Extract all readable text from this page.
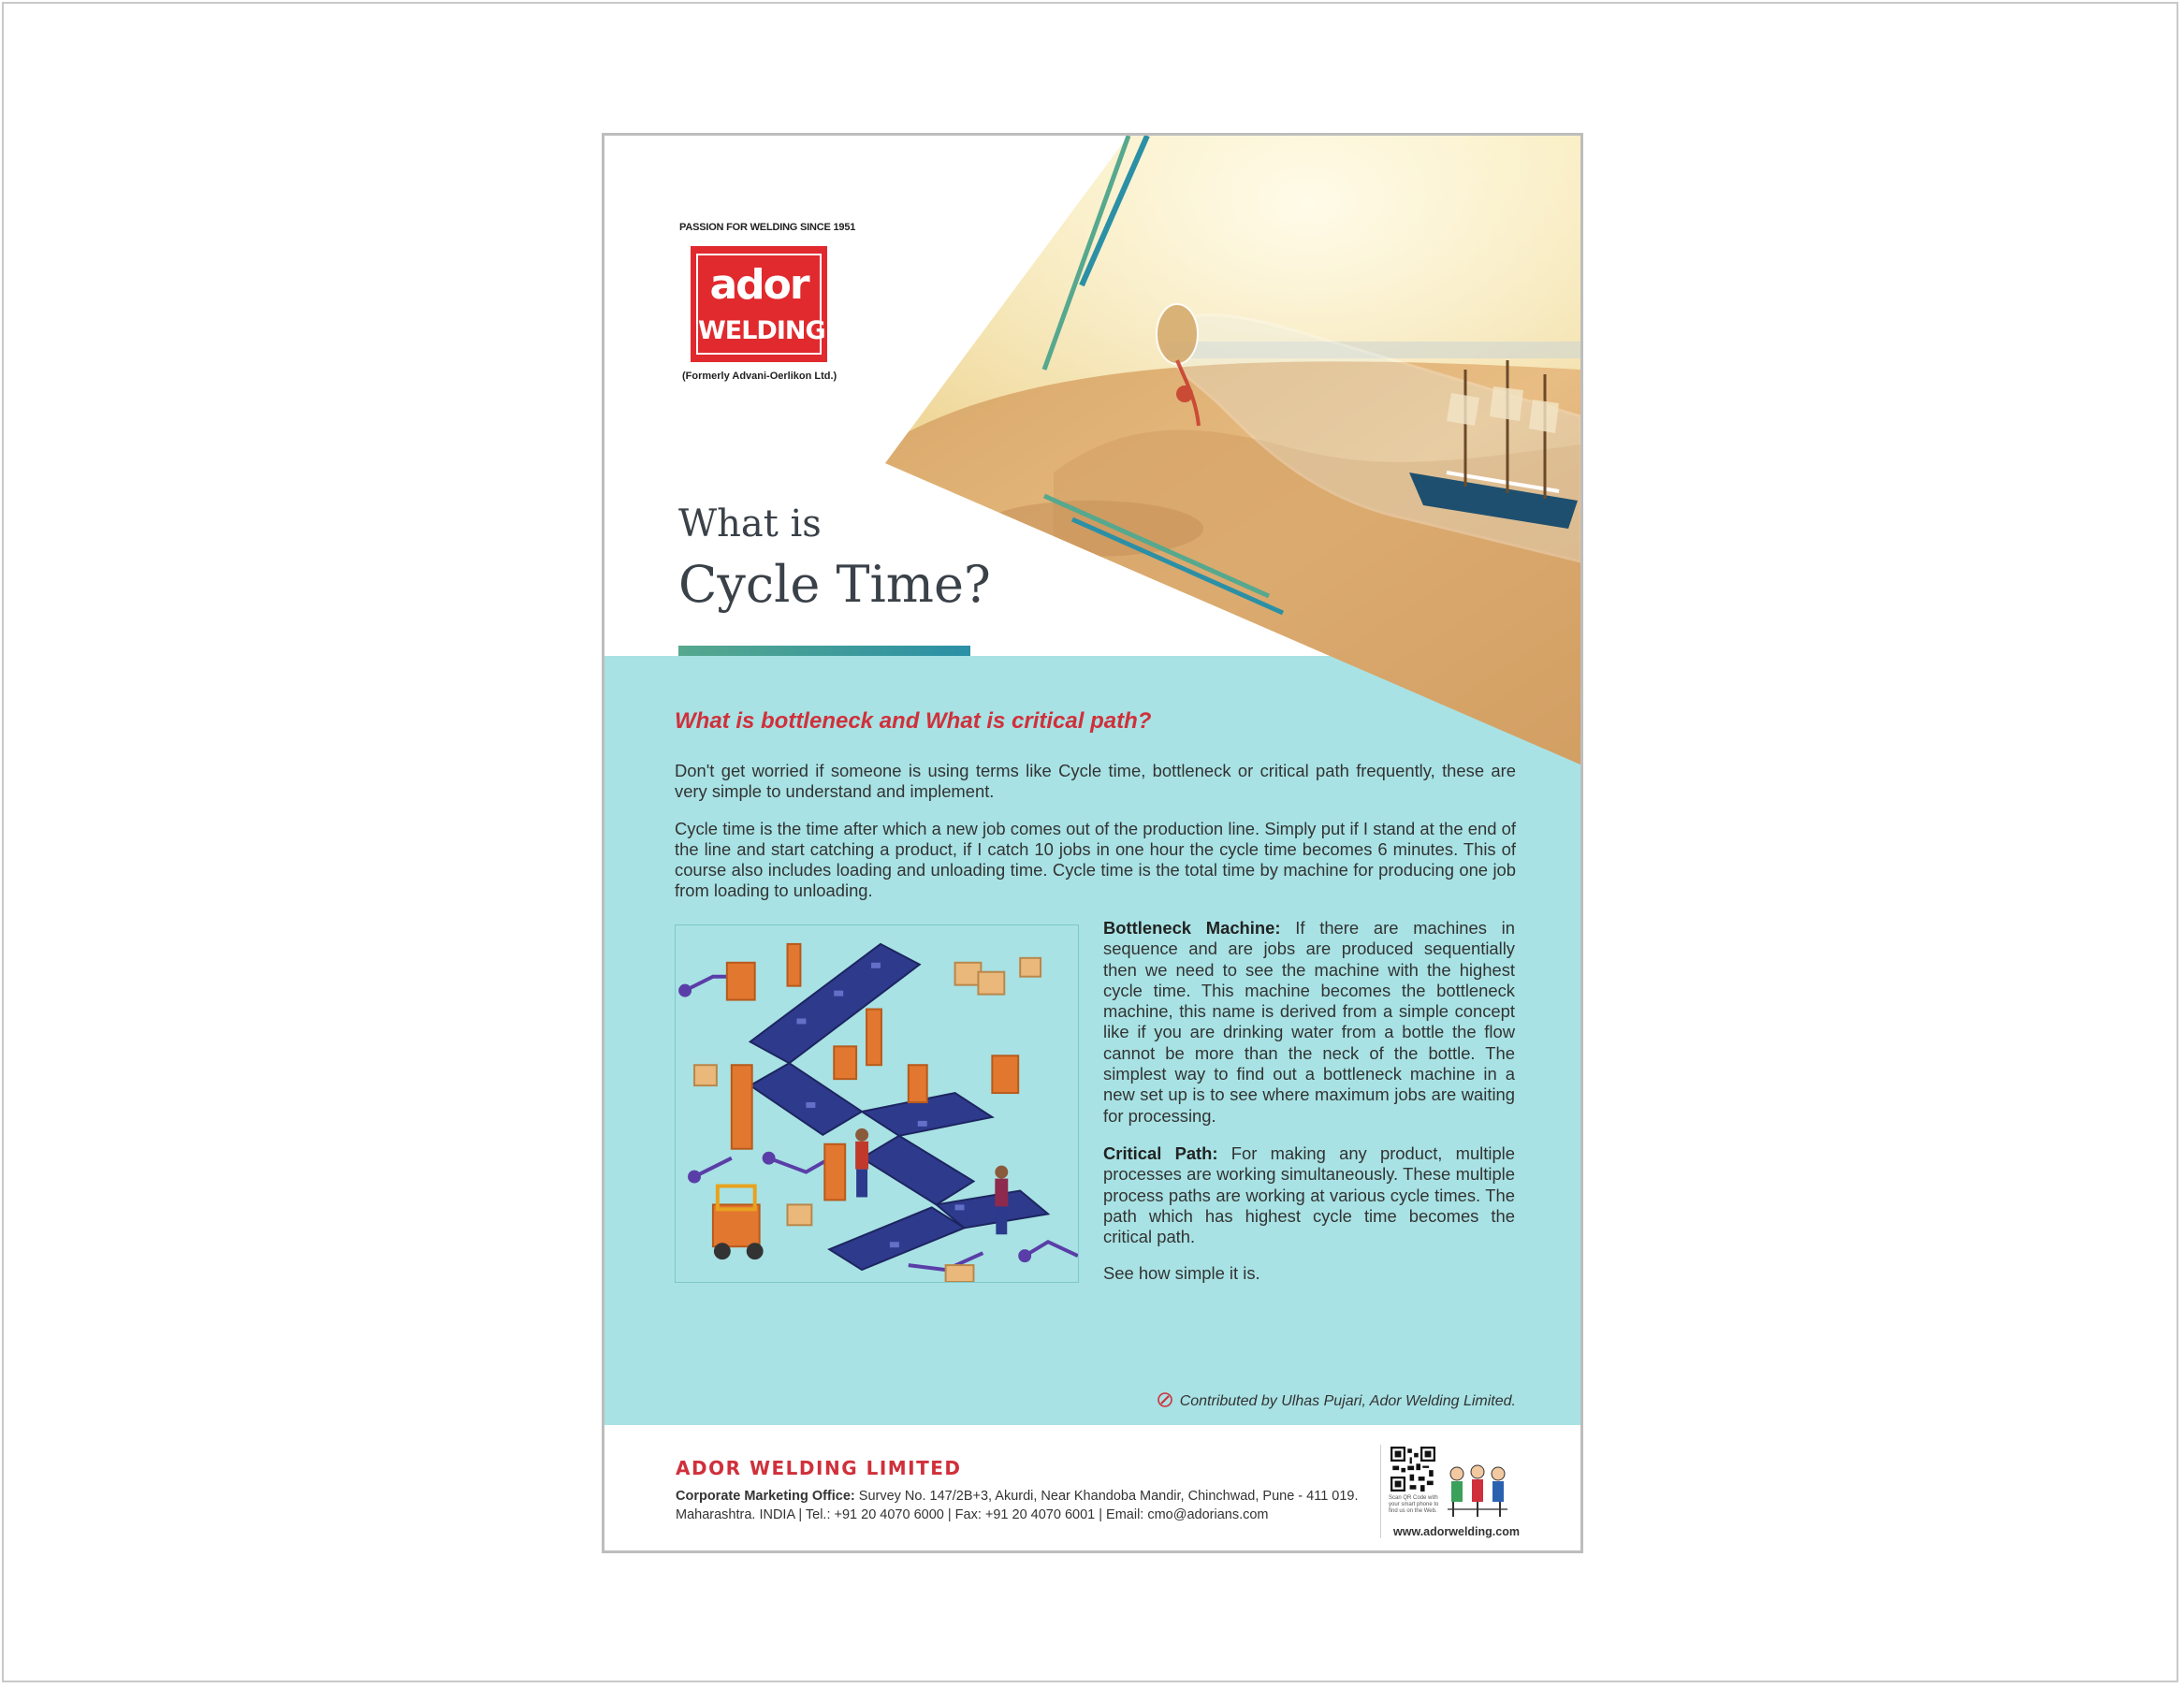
PASSION FOR WELDING SINCE 1951
ador
WELDING
(Formerly Advani-Oerlikon Ltd.)
What is
Cycle Time?
What is bottleneck and What is critical path?
Don't get worried if someone is using terms like Cycle time, bottleneck or critical path frequently, these are very simple to understand and implement.
Cycle time is the time after which a new job comes out of the production line. Simply put if I stand at the end of the line and start catching a product, if I catch 10 jobs in one hour the cycle time becomes 6 minutes. This of course also includes loading and unloading time. Cycle time is the total time by machine for producing one job from loading to unloading.
Bottleneck Machine: If there are machines in sequence and are jobs are produced sequentially then we need to see the machine with the highest cycle time. This machine becomes the bottleneck machine, this name is derived from a simple concept like if you are drinking water from a bottle the flow cannot be more than the neck of the bottle. The simplest way to find out a bottleneck machine in a new set up is to see where maximum jobs are waiting for processing.
Critical Path: For making any product, multiple processes are working simultaneously. These multiple process paths are working at various cycle times. The path which has highest cycle time becomes the critical path.
See how simple it is.
Contributed by Ulhas Pujari, Ador Welding Limited.
ADOR WELDING LIMITED
Corporate Marketing Office: Survey No. 147/2B+3, Akurdi, Near Khandoba Mandir, Chinchwad, Pune - 411 019.
Maharashtra. INDIA | Tel.: +91 20 4070 6000 | Fax: +91 20 4070 6001 | Email: cmo@adorians.com
Scan QR Code with your smart phone to find us on the Web.
www.adorwelding.com
